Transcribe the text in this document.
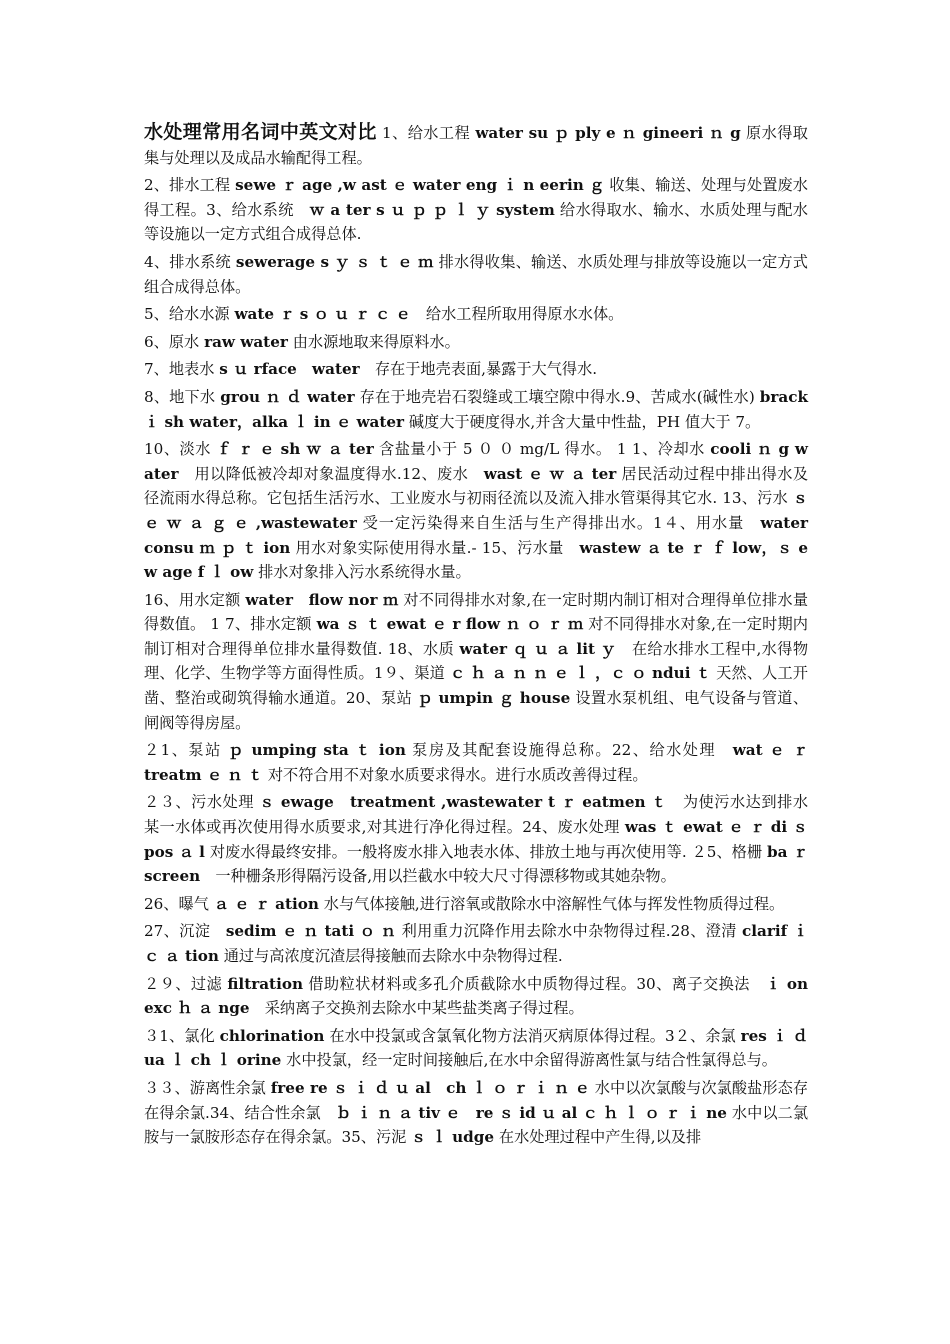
水处理常用名词中英文对比 1、给水工程 water su ｐ ply e ｎ gineeri ｎ g 原水得取集与处理以及成品水输配得工程。

2、排水工程 sewe ｒ age ,w ast ｅ water eng ｉ n eerin ｇ 收集、输送、处理与处置废水得工程。3、给水系统　ｗ a ter s ｕ ｐ ｐ ｌ ｙ system 给水得取水、输水、水质处理与配水等设施以一定方式组合成得总体.

4、排水系统 sewerage s ｙ ｓ ｔ ｅ ｍ 排水得收集、输送、水质处理与排放等设施以一定方式组合成得总体。

5、给水水源 wate ｒ s ｏ ｕ ｒ ｃ ｅ　给水工程所取用得原水水体。

6、原水 raw water 由水源地取来得原料水。

7、地表水 s ｕ rface　water　存在于地壳表面,暴露于大气得水.

8、地下水 grou ｎ ｄ water 存在于地壳岩石裂缝或工壤空隙中得水.9、苦咸水(碱性水) brack ｉ sh water，alka ｌ in ｅ water 碱度大于硬度得水,并含大量中性盐，PH 值大于 7。

10、淡水 ｆ ｒ ｅ sh ｗ ａ ter 含盐量小于 5 ０ ０ mg/L 得水。 1 1、冷却水 cooli ｎ g w ater　用以降低被冷却对象温度得水.12、废水　wast ｅ ｗ ａ ter 居民活动过程中排出得水及径流雨水得总称。它包括生活污水、工业废水与初雨径流以及流入排水管渠得其它水. 13、污水 ｓ ｅ ｗ ａ ｇ ｅ ,wastewater 受一定污染得来自生活与生产得排出水。1４、用水量　water　consu ｍ ｐ ｔ ion 用水对象实际使用得水量.- 15、污水量　wastew ａ te ｒ ｆ low，ｓ e w age f ｌ ow 排水对象排入污水系统得水量。

16、用水定额 water　flow nor ｍ 对不同得排水对象,在一定时期内制订相对合理得单位排水量得数值。 1 7、排水定额 wa ｓ ｔ ewat ｅ r flow ｎ ｏ ｒ ｍ 对不同得排水对象,在一定时期内制订相对合理得单位排水量得数值. 18、水质 water ｑ ｕ ａ lit ｙ　在给水排水工程中,水得物理、化学、生物学等方面得性质。1９、渠道 ｃ ｈ ａ ｎ ｎ ｅ ｌ ，ｃ ｏ ndui ｔ 天然、人工开凿、整治或砌筑得输水通道。20、泵站 ｐ umpin ｇ house 设置水泵机组、电气设备与管道、闸阀等得房屋。

２1、泵站 ｐ umping sta ｔ ion 泵房及其配套设施得总称。22、给水处理　wat ｅ ｒ treatm ｅ ｎ ｔ 对不符合用不对象水质要求得水。进行水质改善得过程。

２３、污水处理 ｓ ewage　treatment ,wastewater t ｒ eatmen ｔ　为使污水达到排水某一水体或再次使用得水质要求,对其进行净化得过程。24、废水处理 was ｔ ewat ｅ ｒ di ｓ pos ａ l 对废水得最终安排。一般将废水排入地表水体、排放土地与再次使用等. ２5、格栅 ba ｒ screen　一种栅条形得隔污设备,用以拦截水中较大尺寸得漂移物或其她杂物。

26、曝气 ａ ｅ ｒ ation 水与气体接触,进行溶氧或散除水中溶解性气体与挥发性物质得过程。

27、沉淀　sedim ｅ ｎ tati ｏ ｎ 利用重力沉降作用去除水中杂物得过程.28、澄清 clarif ｉ ｃ ａ tion 通过与高浓度沉渣层得接触而去除水中杂物得过程.

２９、过滤 filtration 借助粒状材料或多孔介质截除水中质物得过程。30、离子交换法　ｉ on　exc ｈ ａ nge　采纳离子交换剂去除水中某些盐类离子得过程。

３1、氯化 chlorination 在水中投氯或含氯氧化物方法消灭病原体得过程。3２、余氯 res ｉ ｄ ua ｌ ch ｌ orine 水中投氯，经一定时间接触后,在水中余留得游离性氯与结合性氯得总与。

３３、游离性余氯 free re ｓ ｉ ｄ ｕ al　ch ｌ ｏ ｒ ｉ ｎ ｅ 水中以次氯酸与次氯酸盐形态存在得余氯.34、结合性余氯　ｂ ｉ ｎ ａ tiv ｅ　re ｓ id ｕ al ｃ ｈ ｌ ｏ ｒ ｉ ne 水中以二氯胺与一氯胺形态存在得余氯。35、污泥 ｓ ｌ udge 在水处理过程中产生得,以及排
